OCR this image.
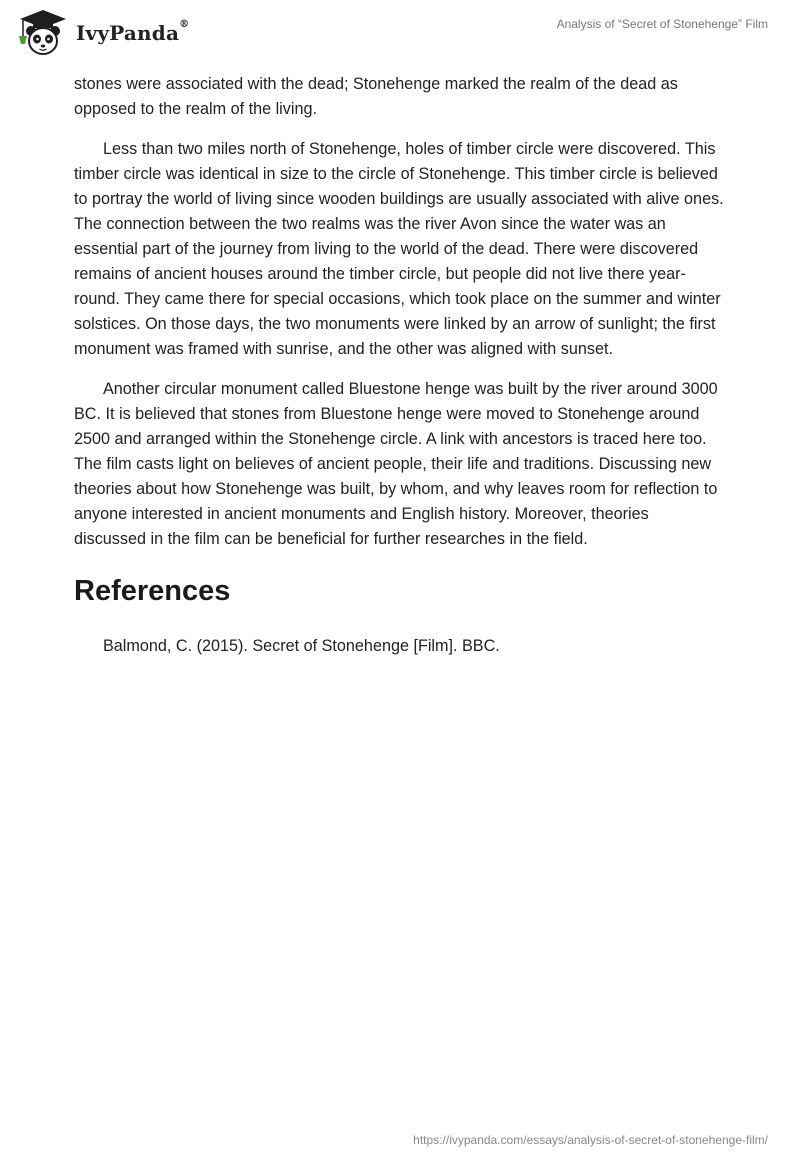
IvyPanda®	Analysis of “Secret of Stonehenge” Film

stones were associated with the dead; Stonehenge marked the realm of the dead as opposed to the realm of the living.

Less than two miles north of Stonehenge, holes of timber circle were discovered. This timber circle was identical in size to the circle of Stonehenge. This timber circle is believed to portray the world of living since wooden buildings are usually associated with alive ones. The connection between the two realms was the river Avon since the water was an essential part of the journey from living to the world of the dead. There were discovered remains of ancient houses around the timber circle, but people did not live there year-round. They came there for special occasions, which took place on the summer and winter solstices. On those days, the two monuments were linked by an arrow of sunlight; the first monument was framed with sunrise, and the other was aligned with sunset.

Another circular monument called Bluestone henge was built by the river around 3000 BC. It is believed that stones from Bluestone henge were moved to Stonehenge around 2500 and arranged within the Stonehenge circle. A link with ancestors is traced here too. The film casts light on believes of ancient people, their life and traditions. Discussing new theories about how Stonehenge was built, by whom, and why leaves room for reflection to anyone interested in ancient monuments and English history. Moreover, theories discussed in the film can be beneficial for further researches in the field.

References

Balmond, C. (2015). Secret of Stonehenge [Film]. BBC.

https://ivypanda.com/essays/analysis-of-secret-of-stonehenge-film/
